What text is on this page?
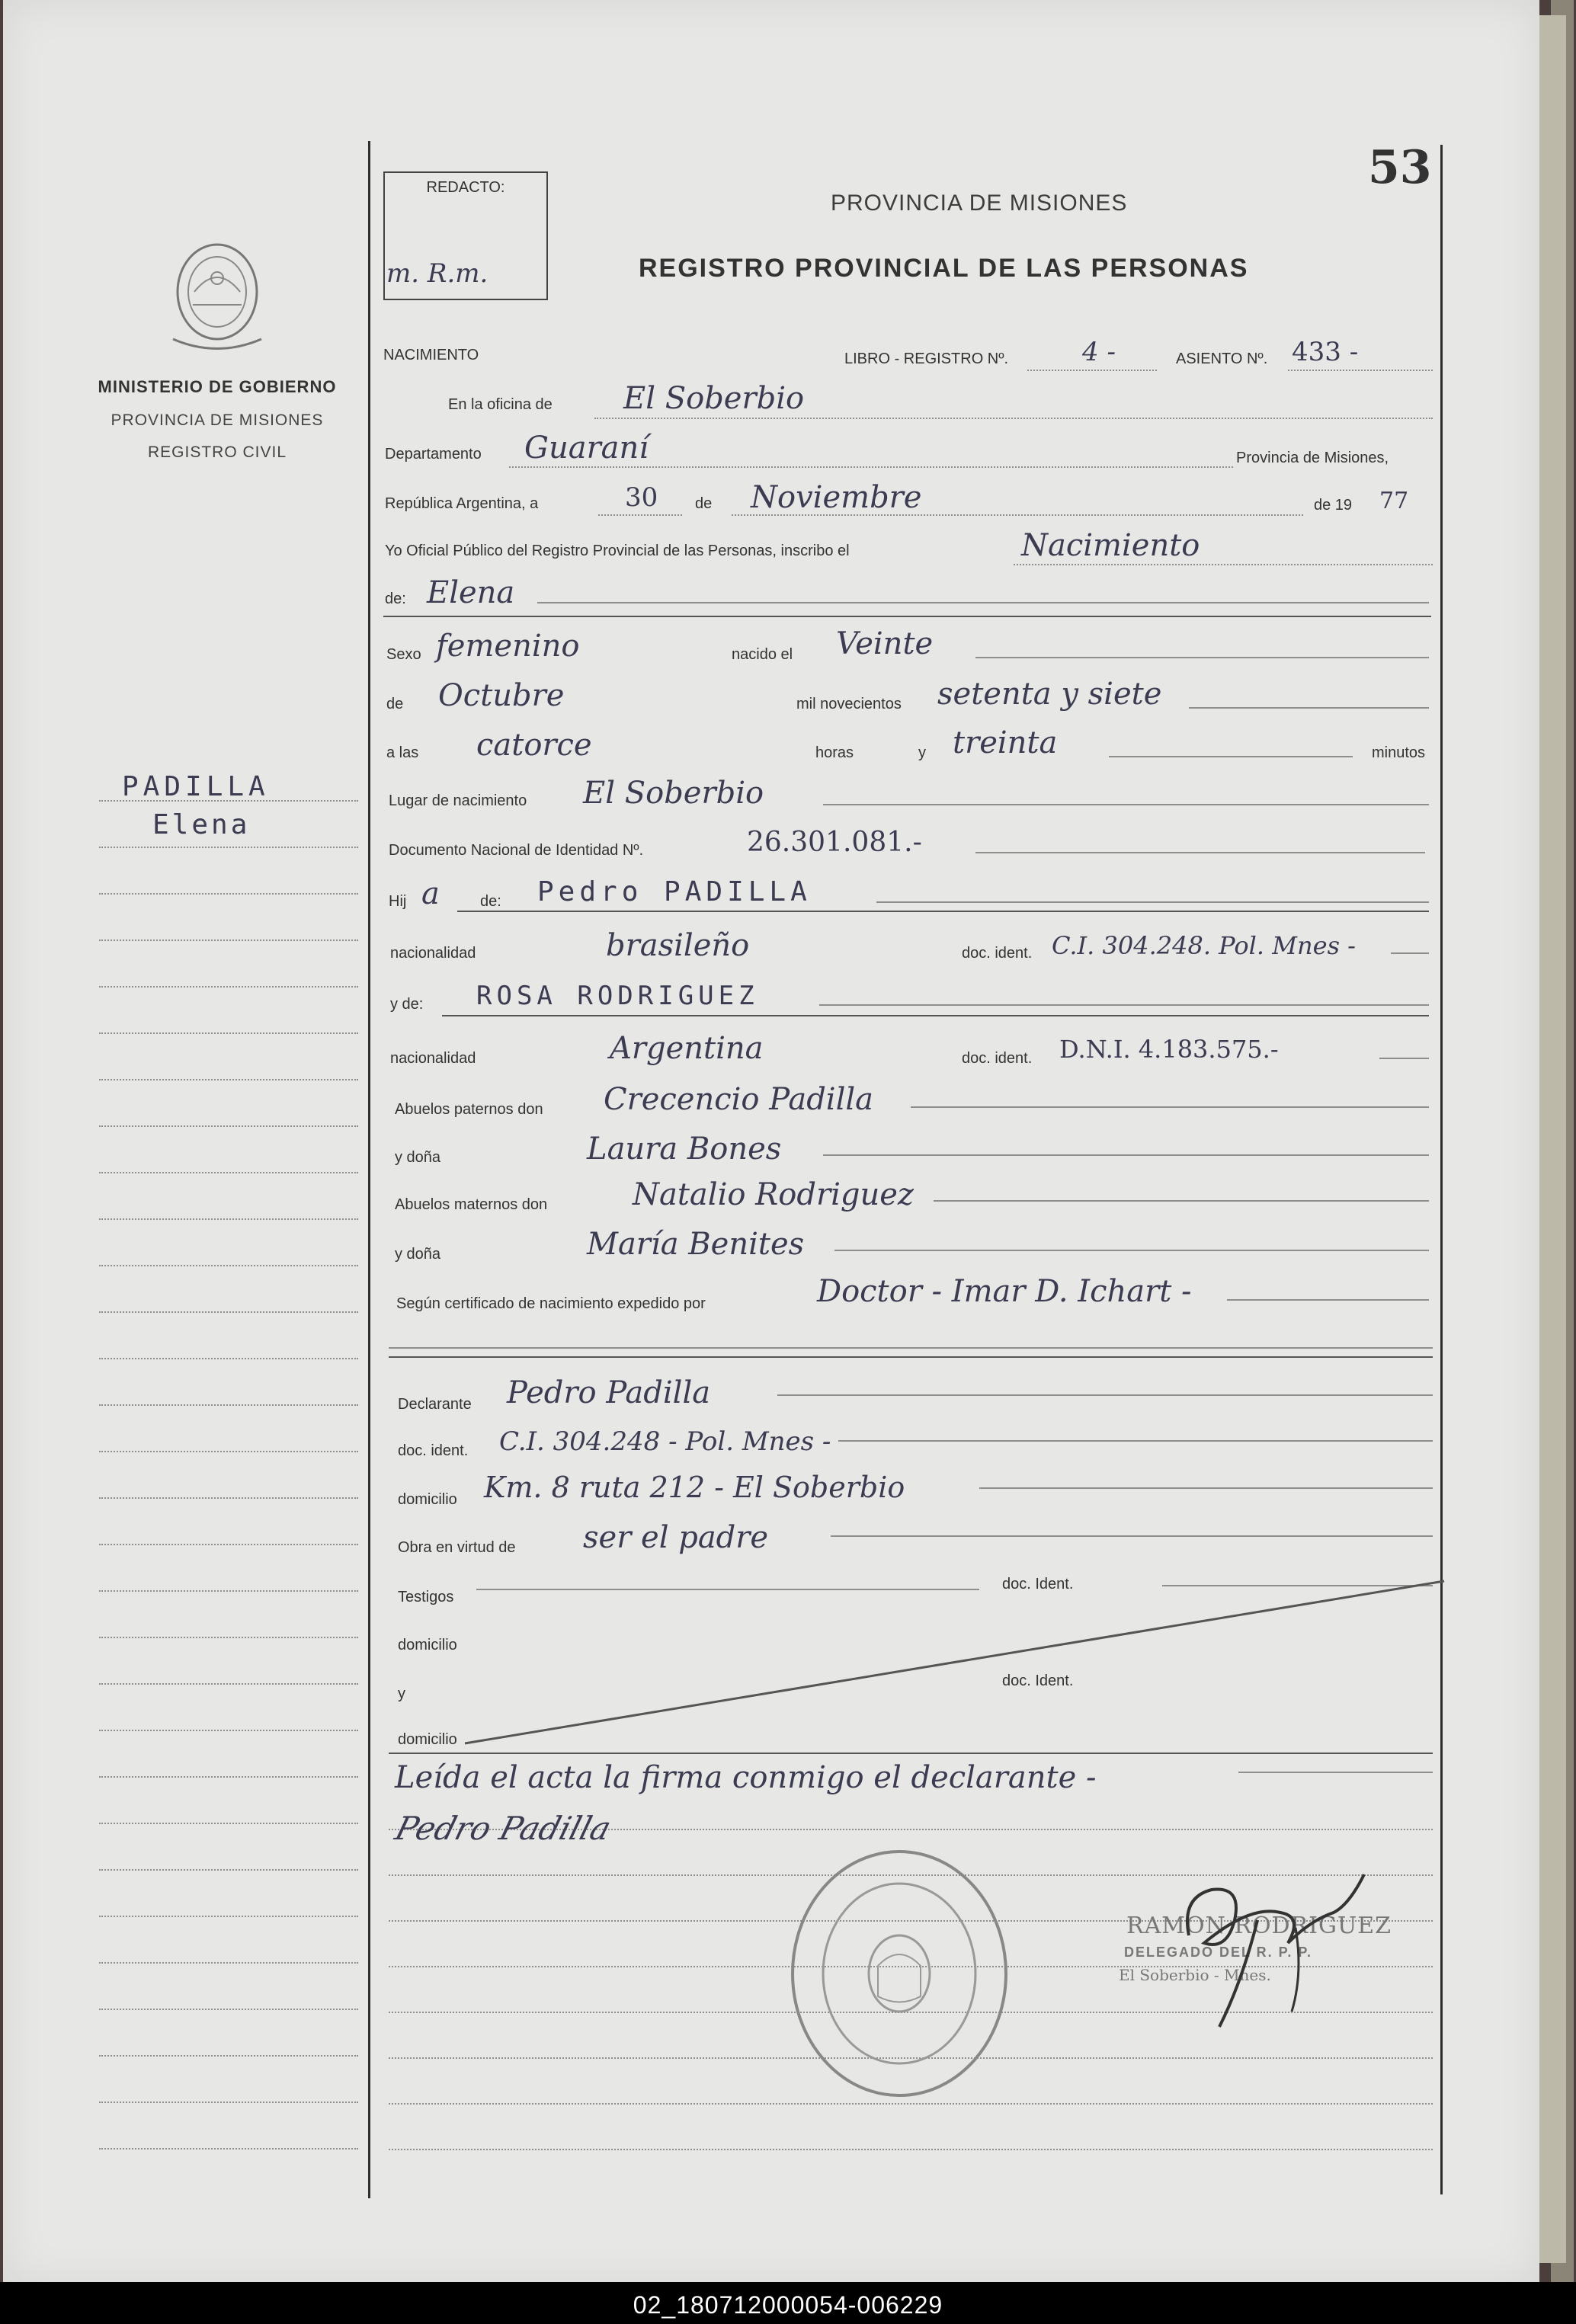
53
MINISTERIO DE GOBIERNO
PROVINCIA DE MISIONES
REGISTRO CIVIL
PADILLA
Elena
REDACTO:
m. R.m.
PROVINCIA DE MISIONES
REGISTRO PROVINCIAL DE LAS PERSONAS
NACIMIENTO	LIBRO - REGISTRO Nº.	4 -	ASIENTO Nº. 433 -
En la oficina de El Soberbio
Departamento Guaraní	Provincia de Misiones,
República Argentina, a	30 de Noviembre	de 19 77
Yo Oficial Público del Registro Provincial de las Personas, inscribo el	Nacimiento
de: Elena
Sexo femenino	nacido el Veinte
de Octubre	mil novecientos setenta y siete
a las catorce	horas	y treinta	minutos
Lugar de nacimiento El Soberbio
Documento Nacional de Identidad Nº.	26.301.081.-
Hij a	de: Pedro PADILLA
nacionalidad	brasileño	doc. ident. C.I. 304.248. Pol. Mnes -
y de: ROSA RODRIGUEZ
nacionalidad	Argentina	doc. ident. D.N.I. 4.183.575.-
Abuelos paternos don Crecencio Padilla
y doña	Laura Bones
Abuelos maternos don	Natalio Rodriguez
y doña	María Benites
Según certificado de nacimiento expedido por	Doctor - Imar D. Ichart -
Declarante Pedro Padilla
doc. ident. C.I. 304.248 - Pol. Mnes -
domicilio Km. 8 ruta 212 - El Soberbio
Obra en virtud de ser el padre
Testigos
doc. Ident.
domicilio
y
doc. Ident.
domicilio
Leída el acta la firma conmigo el declarante -
Pedro Padilla
RAMON RODRIGUEZ
DELEGADO DEL R. P. P.
El Soberbio - Mnes.
02_180712000054-006229
